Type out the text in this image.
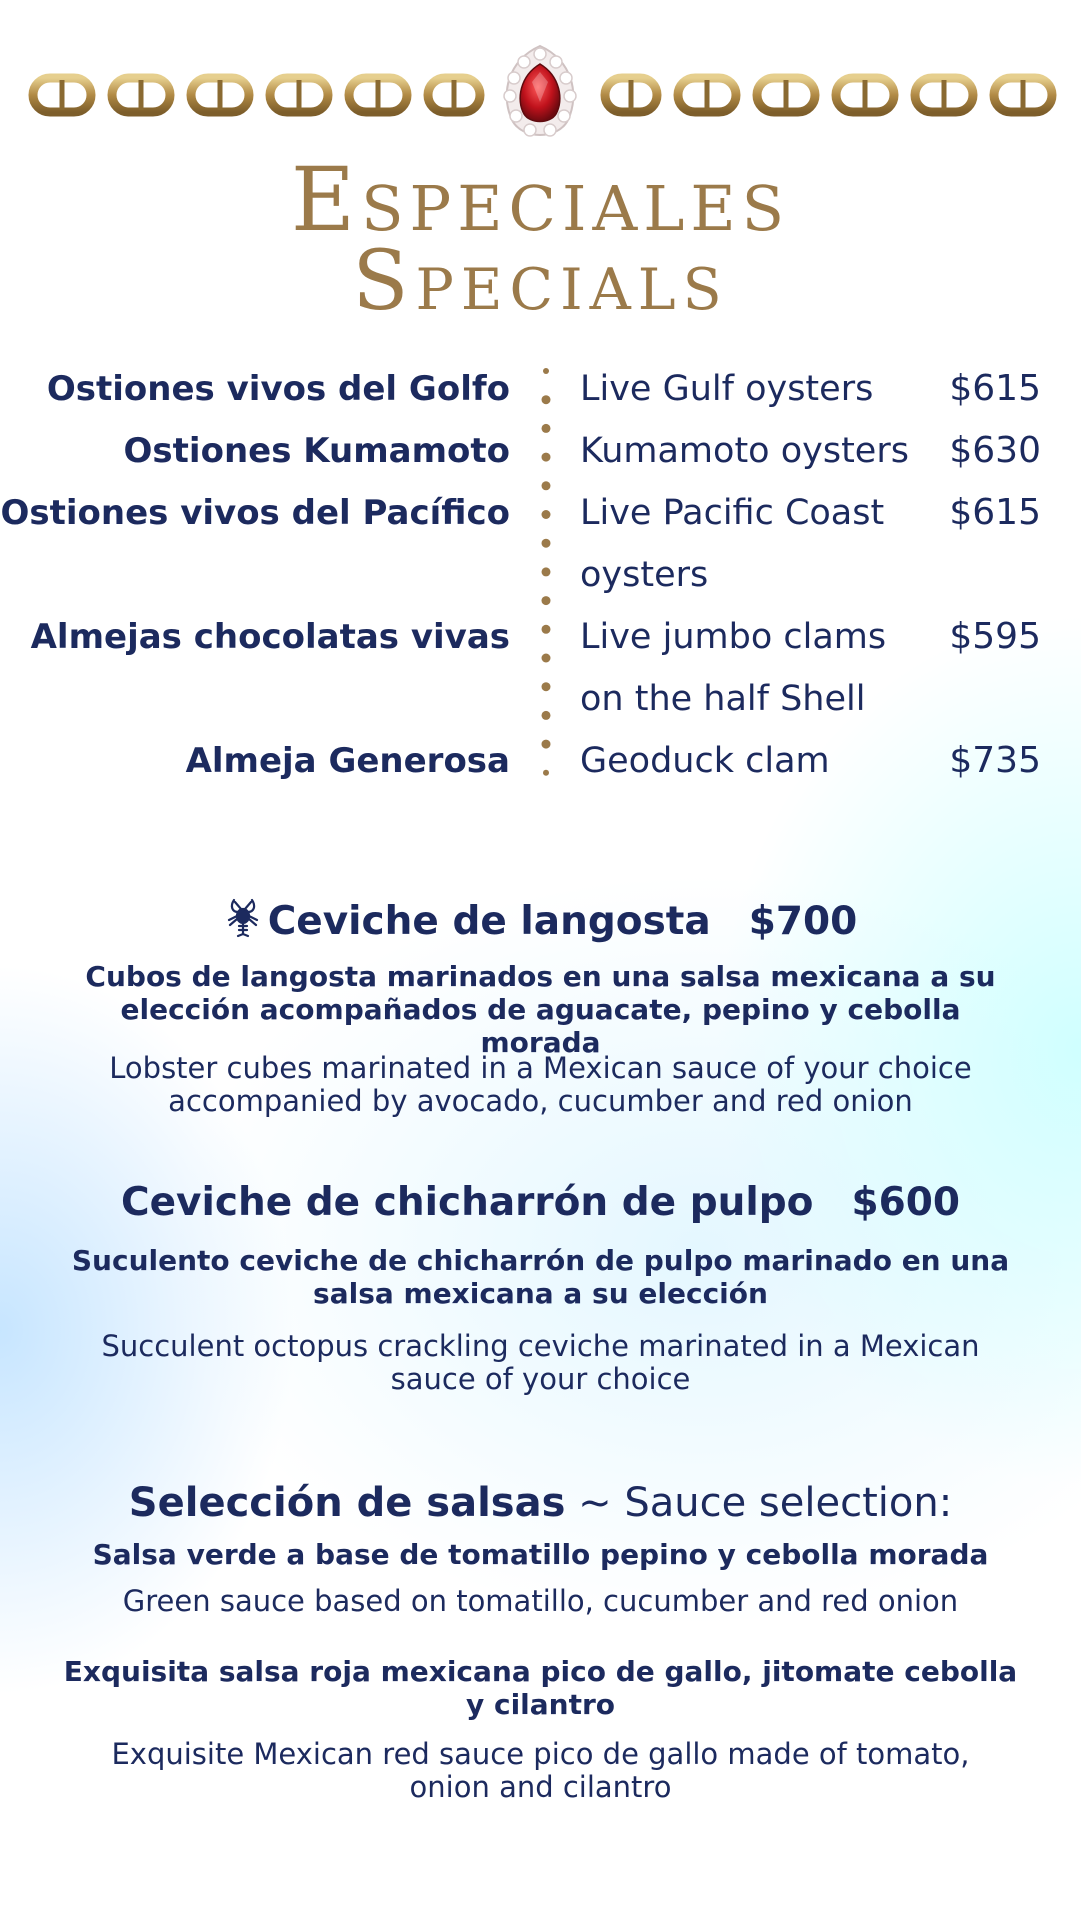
Especiales
Specials
Ostiones vivos del Golfo Live Gulf oysters $615
Ostiones Kumamoto Kumamoto oysters $630
Ostiones vivos del Pacífico Live Pacific Coast
oysters
$615
Almejas chocolatas vivas Live jumbo clams
on the half Shell
$595
Almeja Generosa Geoduck clam	$735
Ceviche de langosta $700
Cubos de langosta marinados en una salsa mexicana a su
elección acompañados de aguacate, pepino y cebolla morada
Lobster cubes marinated in a Mexican sauce of your choice
accompanied by avocado, cucumber and red onion
Ceviche de chicharrón de pulpo $600
Suculento ceviche de chicharrón de pulpo marinado en una
salsa mexicana a su elección
Succulent octopus crackling ceviche marinated in a Mexican
sauce of your choice
Selección de salsas ~ Sauce selection:
Salsa verde a base de tomatillo pepino y cebolla morada
Green sauce based on tomatillo, cucumber and red onion
Exquisita salsa roja mexicana pico de gallo, jitomate cebolla
y cilantro
Exquisite Mexican red sauce pico de gallo made of tomato,
onion and cilantro
